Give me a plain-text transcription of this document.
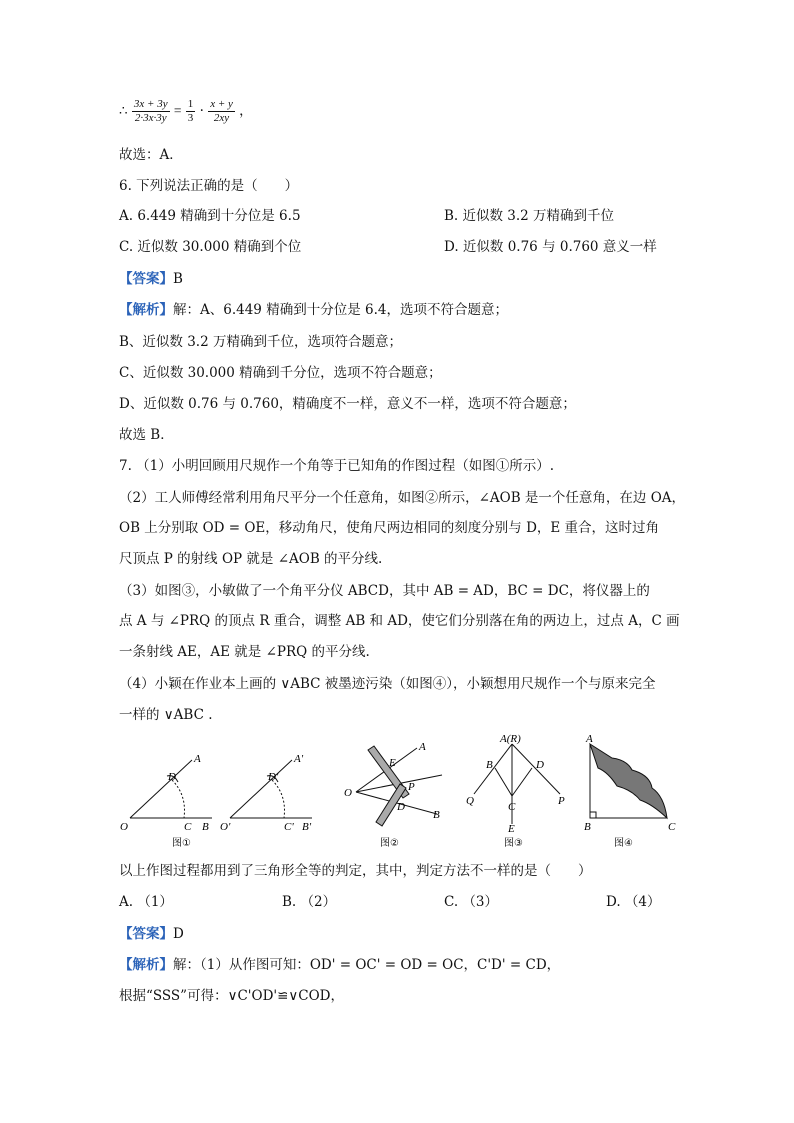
∴ $\frac{3x + 3y}{2\cdot 3x\cdot 3y} = \frac{1}{3} \cdot \frac{x + y}{2xy}$ ，
故选：A．
6. 下列说法正确的是（　　）
A. 6.449 精确到十分位是 6.5	B. 近似数 3.2 万精确到千位
C. 近似数 30.000 精确到个位	D. 近似数 0.76 与 0.760 意义一样
【答案】B
【解析】解：A、6.449 精确到十分位是 6.4，选项不符合题意；
B、近似数 3.2 万精确到千位，选项符合题意；
C、近似数 30.000 精确到千分位，选项不符合题意；
D、近似数 0.76 与 0.760，精确度不一样，意义不一样，选项不符合题意；
故选 B．
7. （1）小明回顾用尺规作一个角等于已知角的作图过程（如图①所示）.
（2）工人师傅经常利用角尺平分一个任意角，如图②所示，∠AOB 是一个任意角，在边 OA，
OB 上分别取 OD = OE，移动角尺，使角尺两边相同的刻度分别与 D，E 重合，这时过角
尺顶点 P 的射线 OP 就是 ∠AOB 的平分线.
（3）如图③，小敏做了一个角平分仪 ABCD，其中 AB = AD，BC = DC，将仪器上的
点 A 与 ∠PRQ 的顶点 R 重合，调整 AB 和 AD，使它们分别落在角的两边上，过点 A，C 画
一条射线 AE，AE 就是 ∠PRQ 的平分线.
（4）小颖在作业本上画的 ∨ABC 被墨迹污染（如图④），小颖想用尺规作一个与原来完全
一样的 ∨ABC .
O
D
A
C B
图①
O'
D'
A'
C' B'
O
E
A
P
D
B
图②
A(R)
B	D
Q	C	P
E
图③
A
B	C
图④
以上作图过程都用到了三角形全等的判定，其中，判定方法不一样的是（　　）
A. （1）	B. （2）	C. （3）	D. （4）
【答案】D
【解析】解：（1）从作图可知：OD' = OC' = OD = OC，C'D' = CD，
根据“SSS”可得：∨C'OD'≌∨COD，
